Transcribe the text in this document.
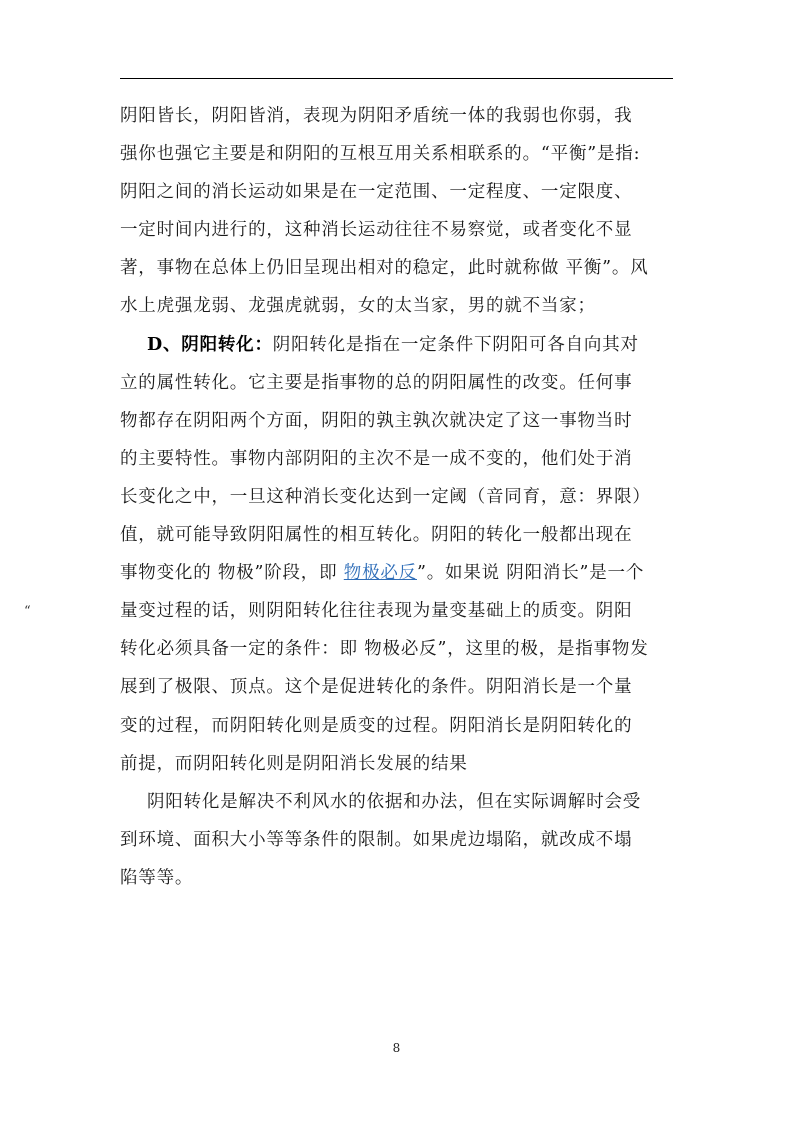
“
阴阳皆长，阴阳皆消，表现为阴阳矛盾统一体的我弱也你弱，我
强你也强它主要是和阴阳的互根互用关系相联系的。“平衡”是指:
阴阳之间的消长运动如果是在一定范围、一定程度、一定限度、
一定时间内进行的，这种消长运动往往不易察觉，或者变化不显
著，事物在总体上仍旧呈现出相对的稳定，此时就称做 平衡”。风
水上虎强龙弱、龙强虎就弱，女的太当家，男的就不当家；
D、阴阳转化：阴阳转化是指在一定条件下阴阳可各自向其对
立的属性转化。它主要是指事物的总的阴阳属性的改变。任何事
物都存在阴阳两个方面，阴阳的孰主孰次就决定了这一事物当时
的主要特性。事物内部阴阳的主次不是一成不变的，他们处于消
长变化之中，一旦这种消长变化达到一定阈（音同育，意：界限）
值，就可能导致阴阳属性的相互转化。阴阳的转化一般都出现在
事物变化的 物极”阶段，即 物极必反”。如果说 阴阳消长”是一个
量变过程的话，则阴阳转化往往表现为量变基础上的质变。阴阳
转化必须具备一定的条件：即 物极必反”，这里的极，是指事物发
展到了极限、顶点。这个是促进转化的条件。阴阳消长是一个量
变的过程，而阴阳转化则是质变的过程。阴阳消长是阴阳转化的
前提，而阴阳转化则是阴阳消长发展的结果
阴阳转化是解决不利风水的依据和办法，但在实际调解时会受
到环境、面积大小等等条件的限制。如果虎边塌陷，就改成不塌
陷等等。
8
